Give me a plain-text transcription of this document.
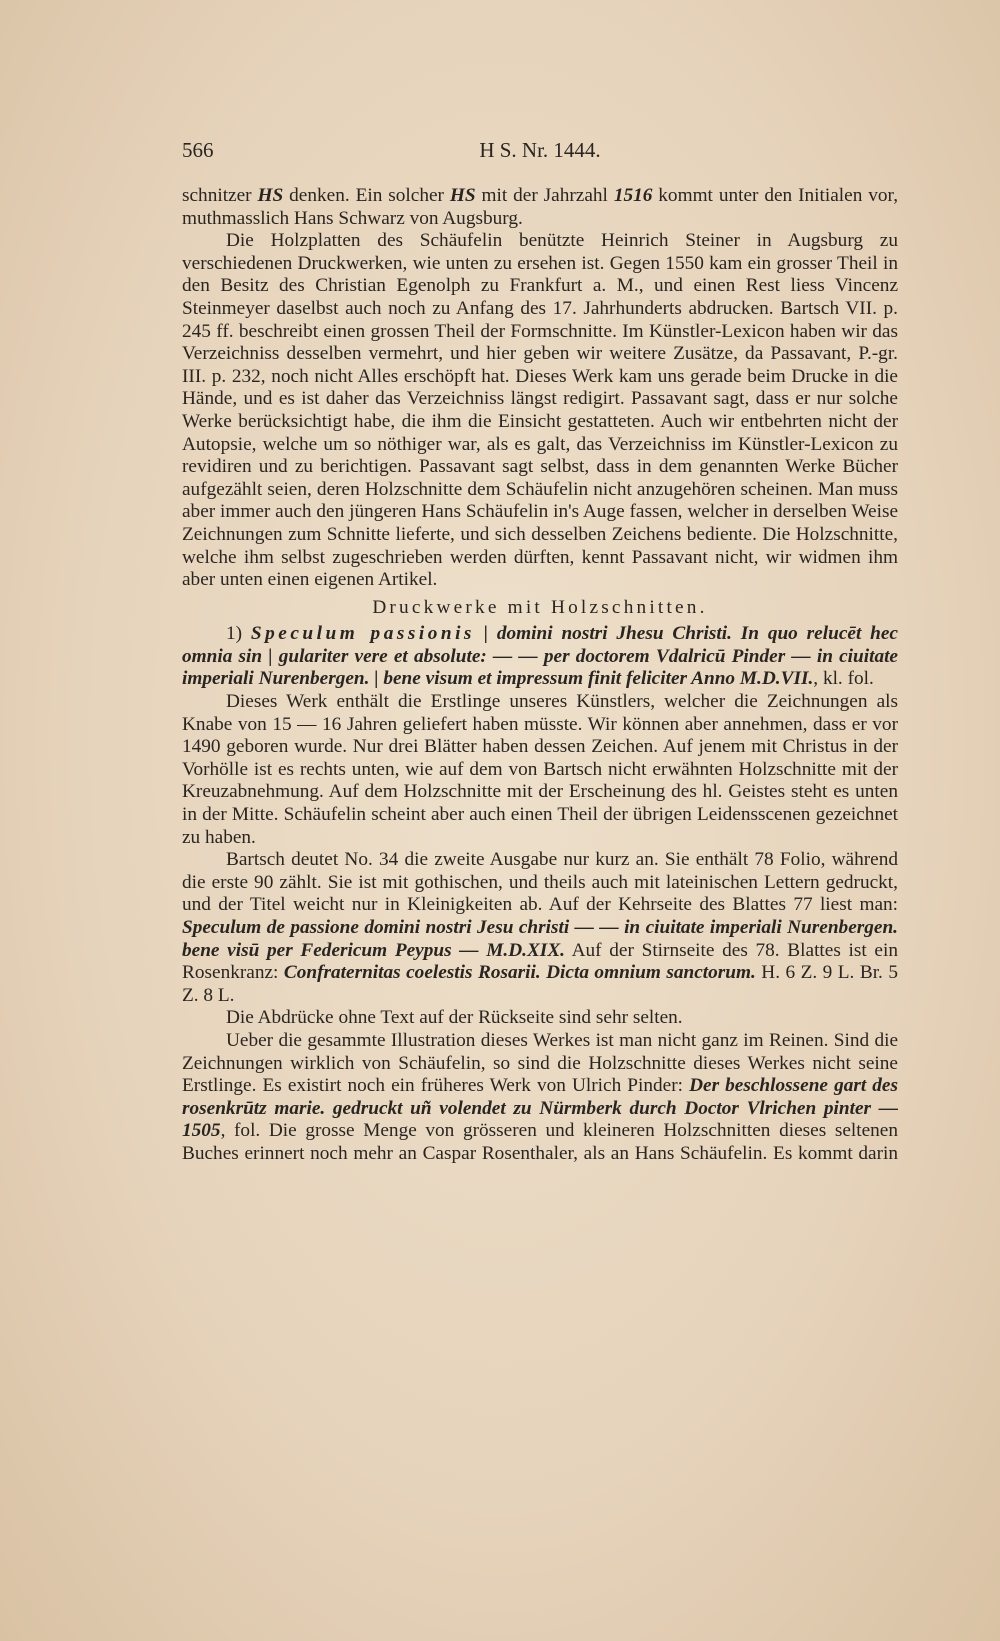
566	H S. Nr. 1444.
schnitzer HS denken. Ein solcher HS mit der Jahrzahl 1516 kommt unter den Initialen vor, muthmasslich Hans Schwarz von Augsburg.
Die Holzplatten des Schäufelin benützte Heinrich Steiner in Augsburg zu verschiedenen Druckwerken, wie unten zu ersehen ist. Gegen 1550 kam ein grosser Theil in den Besitz des Christian Egenolph zu Frankfurt a. M., und einen Rest liess Vincenz Steinmeyer daselbst auch noch zu Anfang des 17. Jahrhunderts abdrucken. Bartsch VII. p. 245 ff. beschreibt einen grossen Theil der Formschnitte. Im Künstler-Lexicon haben wir das Verzeichniss desselben vermehrt, und hier geben wir weitere Zusätze, da Passavant, P.-gr. III. p. 232, noch nicht Alles erschöpft hat. Dieses Werk kam uns gerade beim Drucke in die Hände, und es ist daher das Verzeichniss längst redigirt. Passavant sagt, dass er nur solche Werke berücksichtigt habe, die ihm die Einsicht gestatteten. Auch wir entbehrten nicht der Autopsie, welche um so nöthiger war, als es galt, das Verzeichniss im Künstler-Lexicon zu revidiren und zu berichtigen. Passavant sagt selbst, dass in dem genannten Werke Bücher aufgezählt seien, deren Holzschnitte dem Schäufelin nicht anzugehören scheinen. Man muss aber immer auch den jüngeren Hans Schäufelin in's Auge fassen, welcher in derselben Weise Zeichnungen zum Schnitte lieferte, und sich desselben Zeichens bediente. Die Holzschnitte, welche ihm selbst zugeschrieben werden dürften, kennt Passavant nicht, wir widmen ihm aber unten einen eigenen Artikel.
Druckwerke mit Holzschnitten.
1) Speculum passionis | domini nostri Jhesu Christi. In quo relucēt hec omnia sin | gulariter vere et absolute: — — per doctorem Vdalricū Pinder — in ciuitate imperiali Nurenbergen. | bene visum et impressum finit feliciter Anno M.D.VII., kl. fol.
Dieses Werk enthält die Erstlinge unseres Künstlers, welcher die Zeichnungen als Knabe von 15 — 16 Jahren geliefert haben müsste. Wir können aber annehmen, dass er vor 1490 geboren wurde. Nur drei Blätter haben dessen Zeichen. Auf jenem mit Christus in der Vorhölle ist es rechts unten, wie auf dem von Bartsch nicht erwähnten Holzschnitte mit der Kreuzabnehmung. Auf dem Holzschnitte mit der Erscheinung des hl. Geistes steht es unten in der Mitte. Schäufelin scheint aber auch einen Theil der übrigen Leidensscenen gezeichnet zu haben.
Bartsch deutet No. 34 die zweite Ausgabe nur kurz an. Sie enthält 78 Folio, während die erste 90 zählt. Sie ist mit gothischen, und theils auch mit lateinischen Lettern gedruckt, und der Titel weicht nur in Kleinigkeiten ab. Auf der Kehrseite des Blattes 77 liest man: Speculum de passione domini nostri Jesu christi — — in ciuitate imperiali Nurenbergen. bene visū per Federicum Peypus — M.D.XIX. Auf der Stirnseite des 78. Blattes ist ein Rosenkranz: Confraternitas coelestis Rosarii. Dicta omnium sanctorum. H. 6 Z. 9 L. Br. 5 Z. 8 L.
Die Abdrücke ohne Text auf der Rückseite sind sehr selten.
Ueber die gesammte Illustration dieses Werkes ist man nicht ganz im Reinen. Sind die Zeichnungen wirklich von Schäufelin, so sind die Holzschnitte dieses Werkes nicht seine Erstlinge. Es existirt noch ein früheres Werk von Ulrich Pinder: Der beschlossene gart des rosenkrūtz marie. gedruckt uñ volendet zu Nürmberk durch Doctor Vlrichen pinter — 1505, fol. Die grosse Menge von grösseren und kleineren Holzschnitten dieses seltenen Buches erinnert noch mehr an Caspar Rosenthaler, als an Hans Schäufelin. Es kommt darin
